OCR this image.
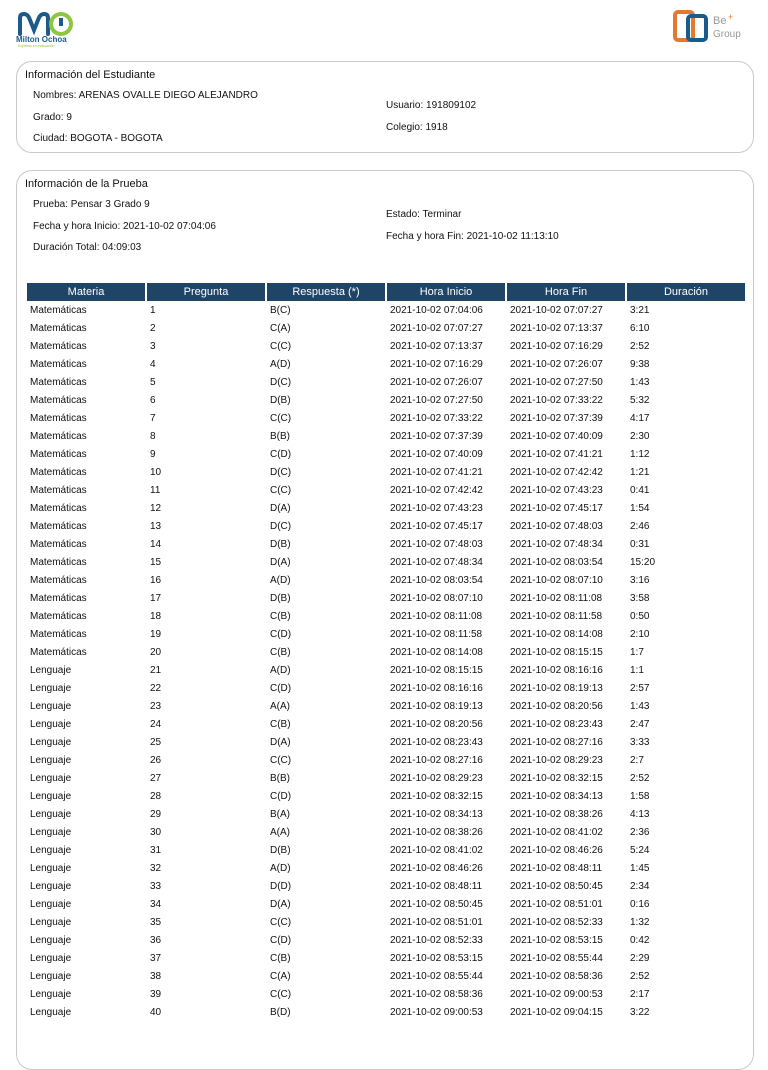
Milton Ochoa
Expertos en evaluación
Be +
Group
Información del Estudiante
Nombres: ARENAS OVALLE DIEGO ALEJANDRO
Grado: 9
Ciudad: BOGOTA - BOGOTA
Usuario: 191809102
Colegio: 1918
Información de la Prueba
Prueba: Pensar 3 Grado 9
Fecha y hora Inicio: 2021-10-02 07:04:06
Duración Total: 04:09:03
Estado: Terminar
Fecha y hora Fin: 2021-10-02 11:13:10
Materia	Pregunta	Respuesta (*)	Hora Inicio	Hora Fin	Duración
Matemáticas	1	B(C)	2021-10-02 07:04:06	2021-10-02 07:07:27	3:21
Matemáticas	2	C(A)	2021-10-02 07:07:27	2021-10-02 07:13:37	6:10
Matemáticas	3	C(C)	2021-10-02 07:13:37	2021-10-02 07:16:29	2:52
Matemáticas	4	A(D)	2021-10-02 07:16:29	2021-10-02 07:26:07	9:38
Matemáticas	5	D(C)	2021-10-02 07:26:07	2021-10-02 07:27:50	1:43
Matemáticas	6	D(B)	2021-10-02 07:27:50	2021-10-02 07:33:22	5:32
Matemáticas	7	C(C)	2021-10-02 07:33:22	2021-10-02 07:37:39	4:17
Matemáticas	8	B(B)	2021-10-02 07:37:39	2021-10-02 07:40:09	2:30
Matemáticas	9	C(D)	2021-10-02 07:40:09	2021-10-02 07:41:21	1:12
Matemáticas	10	D(C)	2021-10-02 07:41:21	2021-10-02 07:42:42	1:21
Matemáticas	11	C(C)	2021-10-02 07:42:42	2021-10-02 07:43:23	0:41
Matemáticas	12	D(A)	2021-10-02 07:43:23	2021-10-02 07:45:17	1:54
Matemáticas	13	D(C)	2021-10-02 07:45:17	2021-10-02 07:48:03	2:46
Matemáticas	14	D(B)	2021-10-02 07:48:03	2021-10-02 07:48:34	0:31
Matemáticas	15	D(A)	2021-10-02 07:48:34	2021-10-02 08:03:54	15:20
Matemáticas	16	A(D)	2021-10-02 08:03:54	2021-10-02 08:07:10	3:16
Matemáticas	17	D(B)	2021-10-02 08:07:10	2021-10-02 08:11:08	3:58
Matemáticas	18	C(B)	2021-10-02 08:11:08	2021-10-02 08:11:58	0:50
Matemáticas	19	C(D)	2021-10-02 08:11:58	2021-10-02 08:14:08	2:10
Matemáticas	20	C(B)	2021-10-02 08:14:08	2021-10-02 08:15:15	1:7
Lenguaje	21	A(D)	2021-10-02 08:15:15	2021-10-02 08:16:16	1:1
Lenguaje	22	C(D)	2021-10-02 08:16:16	2021-10-02 08:19:13	2:57
Lenguaje	23	A(A)	2021-10-02 08:19:13	2021-10-02 08:20:56	1:43
Lenguaje	24	C(B)	2021-10-02 08:20:56	2021-10-02 08:23:43	2:47
Lenguaje	25	D(A)	2021-10-02 08:23:43	2021-10-02 08:27:16	3:33
Lenguaje	26	C(C)	2021-10-02 08:27:16	2021-10-02 08:29:23	2:7
Lenguaje	27	B(B)	2021-10-02 08:29:23	2021-10-02 08:32:15	2:52
Lenguaje	28	C(D)	2021-10-02 08:32:15	2021-10-02 08:34:13	1:58
Lenguaje	29	B(A)	2021-10-02 08:34:13	2021-10-02 08:38:26	4:13
Lenguaje	30	A(A)	2021-10-02 08:38:26	2021-10-02 08:41:02	2:36
Lenguaje	31	D(B)	2021-10-02 08:41:02	2021-10-02 08:46:26	5:24
Lenguaje	32	A(D)	2021-10-02 08:46:26	2021-10-02 08:48:11	1:45
Lenguaje	33	D(D)	2021-10-02 08:48:11	2021-10-02 08:50:45	2:34
Lenguaje	34	D(A)	2021-10-02 08:50:45	2021-10-02 08:51:01	0:16
Lenguaje	35	C(C)	2021-10-02 08:51:01	2021-10-02 08:52:33	1:32
Lenguaje	36	C(D)	2021-10-02 08:52:33	2021-10-02 08:53:15	0:42
Lenguaje	37	C(B)	2021-10-02 08:53:15	2021-10-02 08:55:44	2:29
Lenguaje	38	C(A)	2021-10-02 08:55:44	2021-10-02 08:58:36	2:52
Lenguaje	39	C(C)	2021-10-02 08:58:36	2021-10-02 09:00:53	2:17
Lenguaje	40	B(D)	2021-10-02 09:00:53	2021-10-02 09:04:15	3:22
